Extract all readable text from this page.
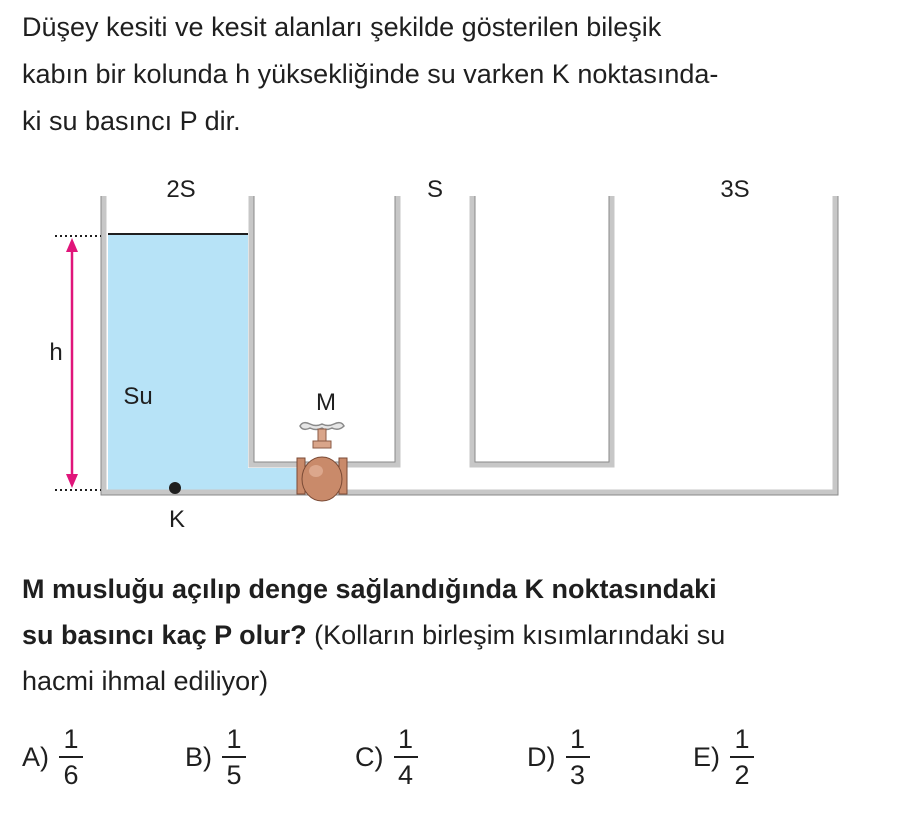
Düşey kesiti ve kesit alanları şekilde gösterilen bileşik
kabın bir kolunda h yüksekliğinde su varken K noktasında-
ki su basıncı P dir.

2S	S	3S
h
Su	M
K

M musluğu açılıp denge sağlandığında K noktasındaki
su basıncı kaç P olur? (Kolların birleşim kısımlarındaki su
hacmi ihmal ediliyor)

$A) \frac{1}{6}$	$B) \frac{1}{5}$	$C) \frac{1}{4}$	$D) \frac{1}{3}$	$E) \frac{1}{2}$
